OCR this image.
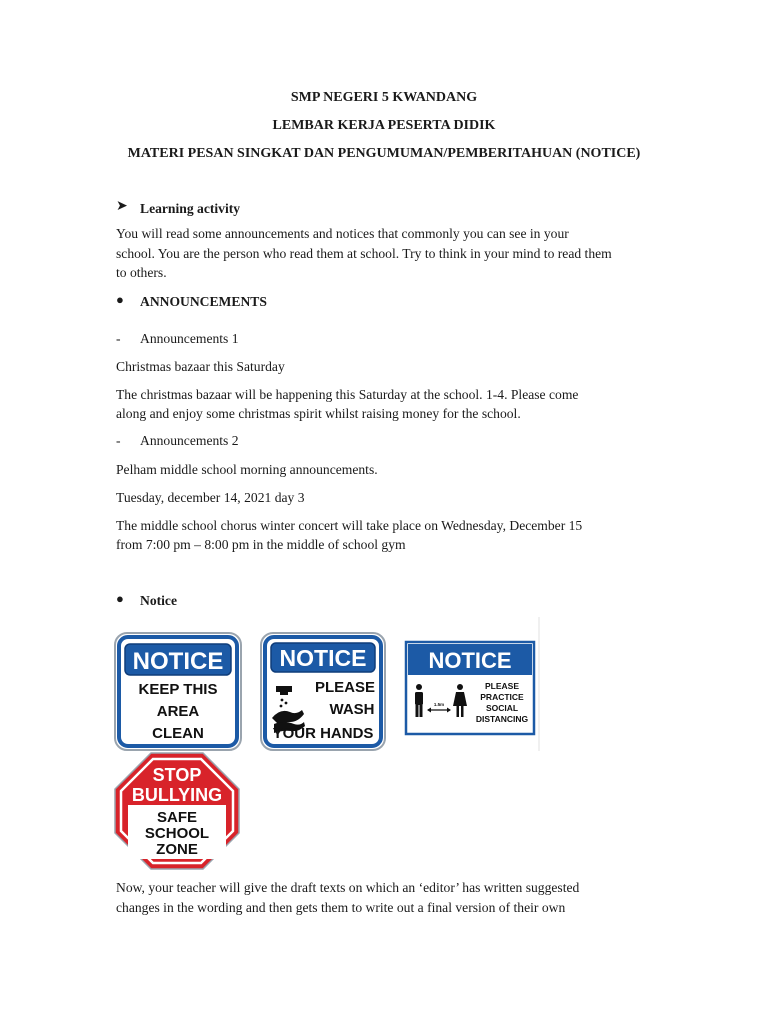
SMP NEGERI 5 KWANDANG
LEMBAR KERJA PESERTA DIDIK
MATERI PESAN SINGKAT DAN PENGUMUMAN/PEMBERITAHUAN (NOTICE)
➤ Learning activity
You will read some announcements and notices that commonly you can see in your
school. You are the person who read them at school. Try to think in your mind to read them
to others.
● ANNOUNCEMENTS
- Announcements 1
Christmas bazaar this Saturday
The christmas bazaar will be happening this Saturday at the school. 1-4. Please come
along and enjoy some christmas spirit whilst raising money for the school.
- Announcements 2
Pelham middle school morning announcements.
Tuesday, december 14, 2021 day 3
The middle school chorus winter concert will take place on Wednesday, December 15
from 7:00 pm – 8:00 pm in the middle of school gym
● Notice
NOTICE
KEEP THIS
AREA
CLEAN
NOTICE
PLEASE
WASH
YOUR HANDS
NOTICE
1.5m
PLEASE
PRACTICE
SOCIAL
DISTANCING
STOP
BULLYING
SAFE
SCHOOL
ZONE
Now, your teacher will give the draft texts on which an ‘editor’ has written suggested
changes in the wording and then gets them to write out a final version of their own
